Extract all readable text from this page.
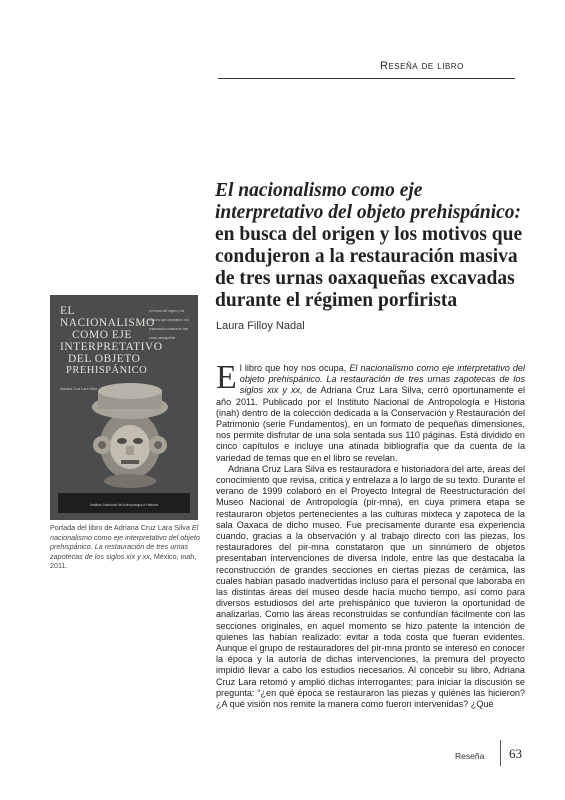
Reseña de libro
El nacionalismo como eje interpretativo del objeto prehispánico:
en busca del origen y los motivos que condujeron a la restauración masiva de tres urnas oaxaqueñas excavadas durante el régimen porfirista
Laura Filloy Nadal
EL NACIONALISMO
COMO EJE
INTERPRETATIVO
DEL OBJETO
PREHISPÁNICO
Adriana Cruz Lara Silva
en busca del origen y los motivos que condujeron a la restauración masiva de tres urnas oaxaqueñas
Instituto Nacional de Antropología e Historia
Portada del libro de Adriana Cruz Lara Silva El nacionalismo como eje interpretativo del objeto prehispánico. La restauración de tres urnas zapotecas de los siglos xix y xx, México, inah, 2011.

El libro que hoy nos ocupa, El nacionalismo como eje interpretativo del objeto prehispánico. La restauración de tres urnas zapotecas de los siglos xix y xx, de Adriana Cruz Lara Silva, cerró oportunamente el año 2011. Publicado por el Instituto Nacional de Antropología e Historia (inah) dentro de la colección dedicada a la Conservación y Restauración del Patrimonio (serie Fundamentos), en un formato de pequeñas dimensiones, nos permite disfrutar de una sola sentada sus 110 páginas. Está dividido en cinco capítulos e incluye una atinada bibliografía que da cuenta de la variedad de temas que en el libro se revelan.

Adriana Cruz Lara Silva es restauradora e historiadora del arte, áreas del conocimiento que revisa, critica y entrelaza a lo largo de su texto. Durante el verano de 1999 colaboró en el Proyecto Integral de Reestructuración del Museo Nacional de Antropología (pir-mna), en cuya primera etapa se restauraron objetos pertenecientes a las culturas mixteca y zapoteca de la sala Oaxaca de dicho museo. Fue precisamente durante esa experiencia cuando, gracias a la observación y al trabajo directo con las piezas, los restauradores del pir-mna constataron que un sinnúmero de objetos presentaban intervenciones de diversa índole, entre las que destacaba la reconstrucción de grandes secciones en ciertas piezas de cerámica, las cuales habían pasado inadvertidas incluso para el personal que laboraba en las distintas áreas del museo desde hacía mucho tiempo, así como para diversos estudiosos del arte prehispánico que tuvieron la oportunidad de analizarlas. Como las áreas reconstruidas se confundían fácilmente con las secciones originales, en aquel momento se hizo patente la intención de quienes las habían realizado: evitar a toda costa que fueran evidentes. Aunque el grupo de restauradores del pir-mna pronto se interesó en conocer la época y la autoría de dichas intervenciones, la premura del proyecto impidió llevar a cabo los estudios necesarios. Al concebir su libro, Adriana Cruz Lara retomó y amplió dichas interrogantes; para iniciar la discusión se pregunta: “¿en qué época se restauraron las piezas y quiénes las hicieron? ¿A qué visión nos remite la manera como fueron intervenidas? ¿Qué

Reseña 63
